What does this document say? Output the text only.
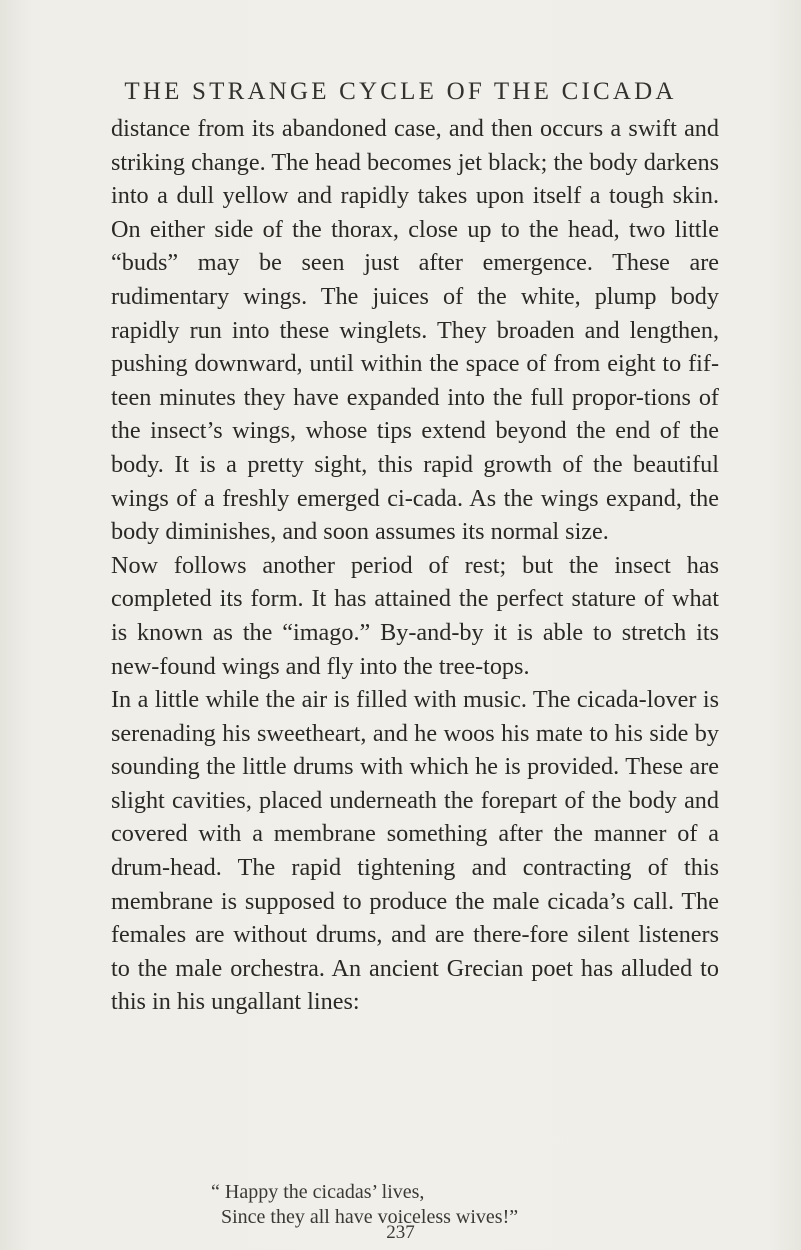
THE STRANGE CYCLE OF THE CICADA

distance from its abandoned case, and then occurs a swift and striking change. The head becomes jet black; the body darkens into a dull yellow and rapidly takes upon itself a tough skin. On either side of the thorax, close up to the head, two little “buds” may be seen just after emergence. These are rudimentary wings. The juices of the white, plump body rapidly run into these winglets. They broaden and lengthen, pushing downward, until within the space of from eight to fif-teen minutes they have expanded into the full propor-tions of the insect’s wings, whose tips extend beyond the end of the body. It is a pretty sight, this rapid growth of the beautiful wings of a freshly emerged ci-cada. As the wings expand, the body diminishes, and soon assumes its normal size.

Now follows another period of rest; but the insect has completed its form. It has attained the perfect stature of what is known as the “imago.” By-and-by it is able to stretch its new-found wings and fly into the tree-tops.

In a little while the air is filled with music. The cicada-lover is serenading his sweetheart, and he woos his mate to his side by sounding the little drums with which he is provided. These are slight cavities, placed underneath the forepart of the body and covered with a membrane something after the manner of a drum-head. The rapid tightening and contracting of this membrane is supposed to produce the male cicada’s call. The females are without drums, and are there-fore silent listeners to the male orchestra. An ancient Grecian poet has alluded to this in his ungallant lines:

“ Happy the cicadas’ lives,
Since they all have voiceless wives!”
237
